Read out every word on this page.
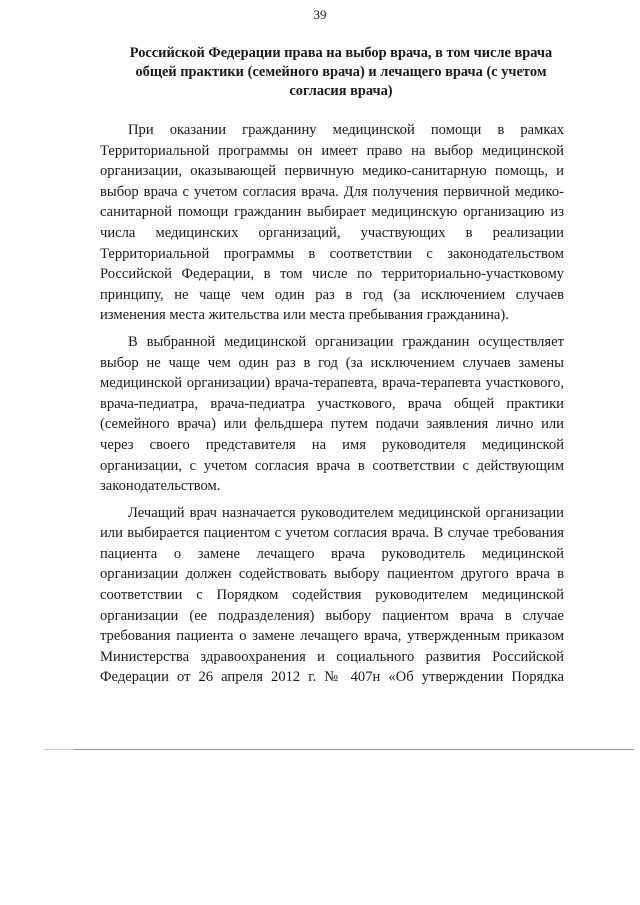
39
Российской Федерации права на выбор врача, в том числе врача общей практики (семейного врача) и лечащего врача (с учетом согласия врача)

При оказании гражданину медицинской помощи в рамках Территориальной программы он имеет право на выбор медицинской организации, оказывающей первичную медико-санитарную помощь, и выбор врача с учетом согласия врача. Для получения первичной медико-санитарной помощи гражданин выбирает медицинскую организацию из числа медицинских организаций, участвующих в реализации Территориальной программы в соответствии с законодательством Российской Федерации, в том числе по территориально-участковому принципу, не чаще чем один раз в год (за исключением случаев изменения места жительства или места пребывания гражданина).

В выбранной медицинской организации гражданин осуществляет выбор не чаще чем один раз в год (за исключением случаев замены медицинской организации) врача-терапевта, врача-терапевта участкового, врача-педиатра, врача-педиатра участкового, врача общей практики (семейного врача) или фельдшера путем подачи заявления лично или через своего представителя на имя руководителя медицинской организации, с учетом согласия врача в соответствии с действующим законодательством.

Лечащий врач назначается руководителем медицинской организации или выбирается пациентом с учетом согласия врача. В случае требования пациента о замене лечащего врача руководитель медицинской организации должен содействовать выбору пациентом другого врача в соответствии с Порядком содействия руководителем медицинской организации (ее подразделения) выбору пациентом врача в случае требования пациента о замене лечащего врача, утвержденным приказом Министерства здравоохранения и социального развития Российской Федерации от 26 апреля 2012 г. № 407н «Об утверждении Порядка
